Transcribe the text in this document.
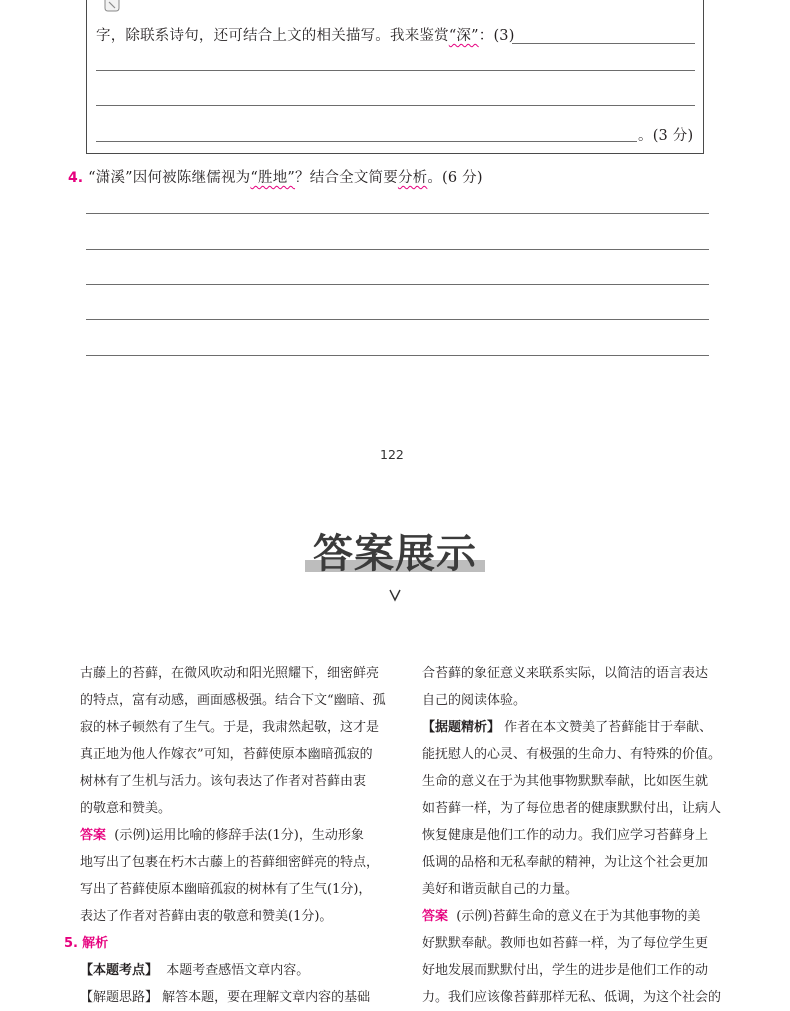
字，除联系诗句，还可结合上文的相关描写。我来鉴赏“深”：(3)
。(3 分)
4. “潇溪”因何被陈继儒视为“胜地”？结合全文简要分析。(6 分)
122
答案展示

古藤上的苔藓，在微风吹动和阳光照耀下，细密鲜亮

的特点，富有动感，画面感极强。结合下文“幽暗、孤

寂的林子顿然有了生气。于是，我肃然起敬，这才是

真正地为他人作嫁衣”可知，苔藓使原本幽暗孤寂的

树林有了生机与活力。该句表达了作者对苔藓由衷

的敬意和赞美。

答案 (示例)运用比喻的修辞手法(1分)，生动形象

地写出了包裹在朽木古藤上的苔藓细密鲜亮的特点，

写出了苔藓使原本幽暗孤寂的树林有了生气(1分)，

表达了作者对苔藓由衷的敬意和赞美(1分)。

5. 解析

【本题考点】 本题考查感悟文章内容。

【解题思路】 解答本题，要在理解文章内容的基础

合苔藓的象征意义来联系实际，以简洁的语言表达

自己的阅读体验。

【据题精析】 作者在本文赞美了苔藓能甘于奉献、

能抚慰人的心灵、有极强的生命力、有特殊的价值。

生命的意义在于为其他事物默默奉献，比如医生就

如苔藓一样，为了每位患者的健康默默付出，让病人

恢复健康是他们工作的动力。我们应学习苔藓身上

低调的品格和无私奉献的精神，为让这个社会更加

美好和谐贡献自己的力量。

答案 (示例)苔藓生命的意义在于为其他事物的美

好默默奉献。教师也如苔藓一样，为了每位学生更

好地发展而默默付出，学生的进步是他们工作的动

力。我们应该像苔藓那样无私、低调，为这个社会的
